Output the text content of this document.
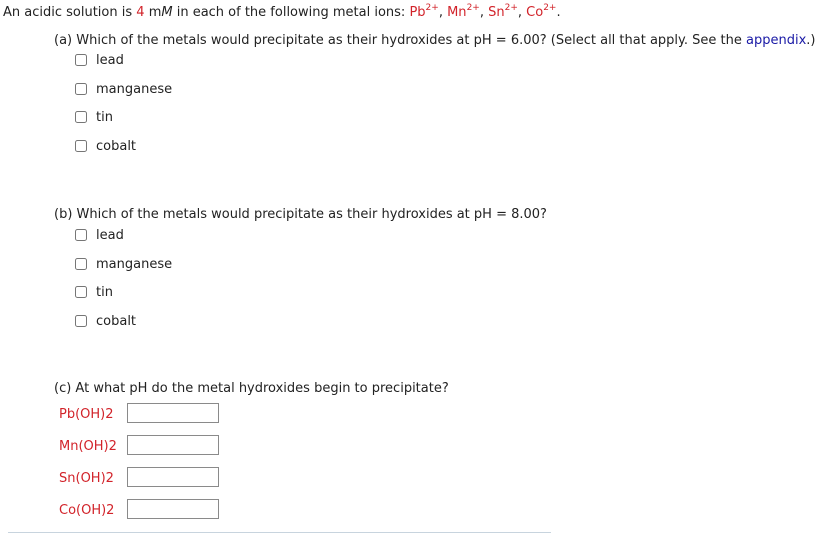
An acidic solution is 4 mM in each of the following metal ions: $Pb^{2+}$, $Mn^{2+}$, $Sn^{2+}$, $Co^{2+}$.
(a) Which of the metals would precipitate as their hydroxides at pH = 6.00? (Select all that apply. See the appendix.)
lead
manganese
tin
cobalt
(b) Which of the metals would precipitate as their hydroxides at pH = 8.00?
lead
manganese
tin
cobalt
(c) At what pH do the metal hydroxides begin to precipitate?
Pb(OH)2
Mn(OH)2
Sn(OH)2
Co(OH)2
